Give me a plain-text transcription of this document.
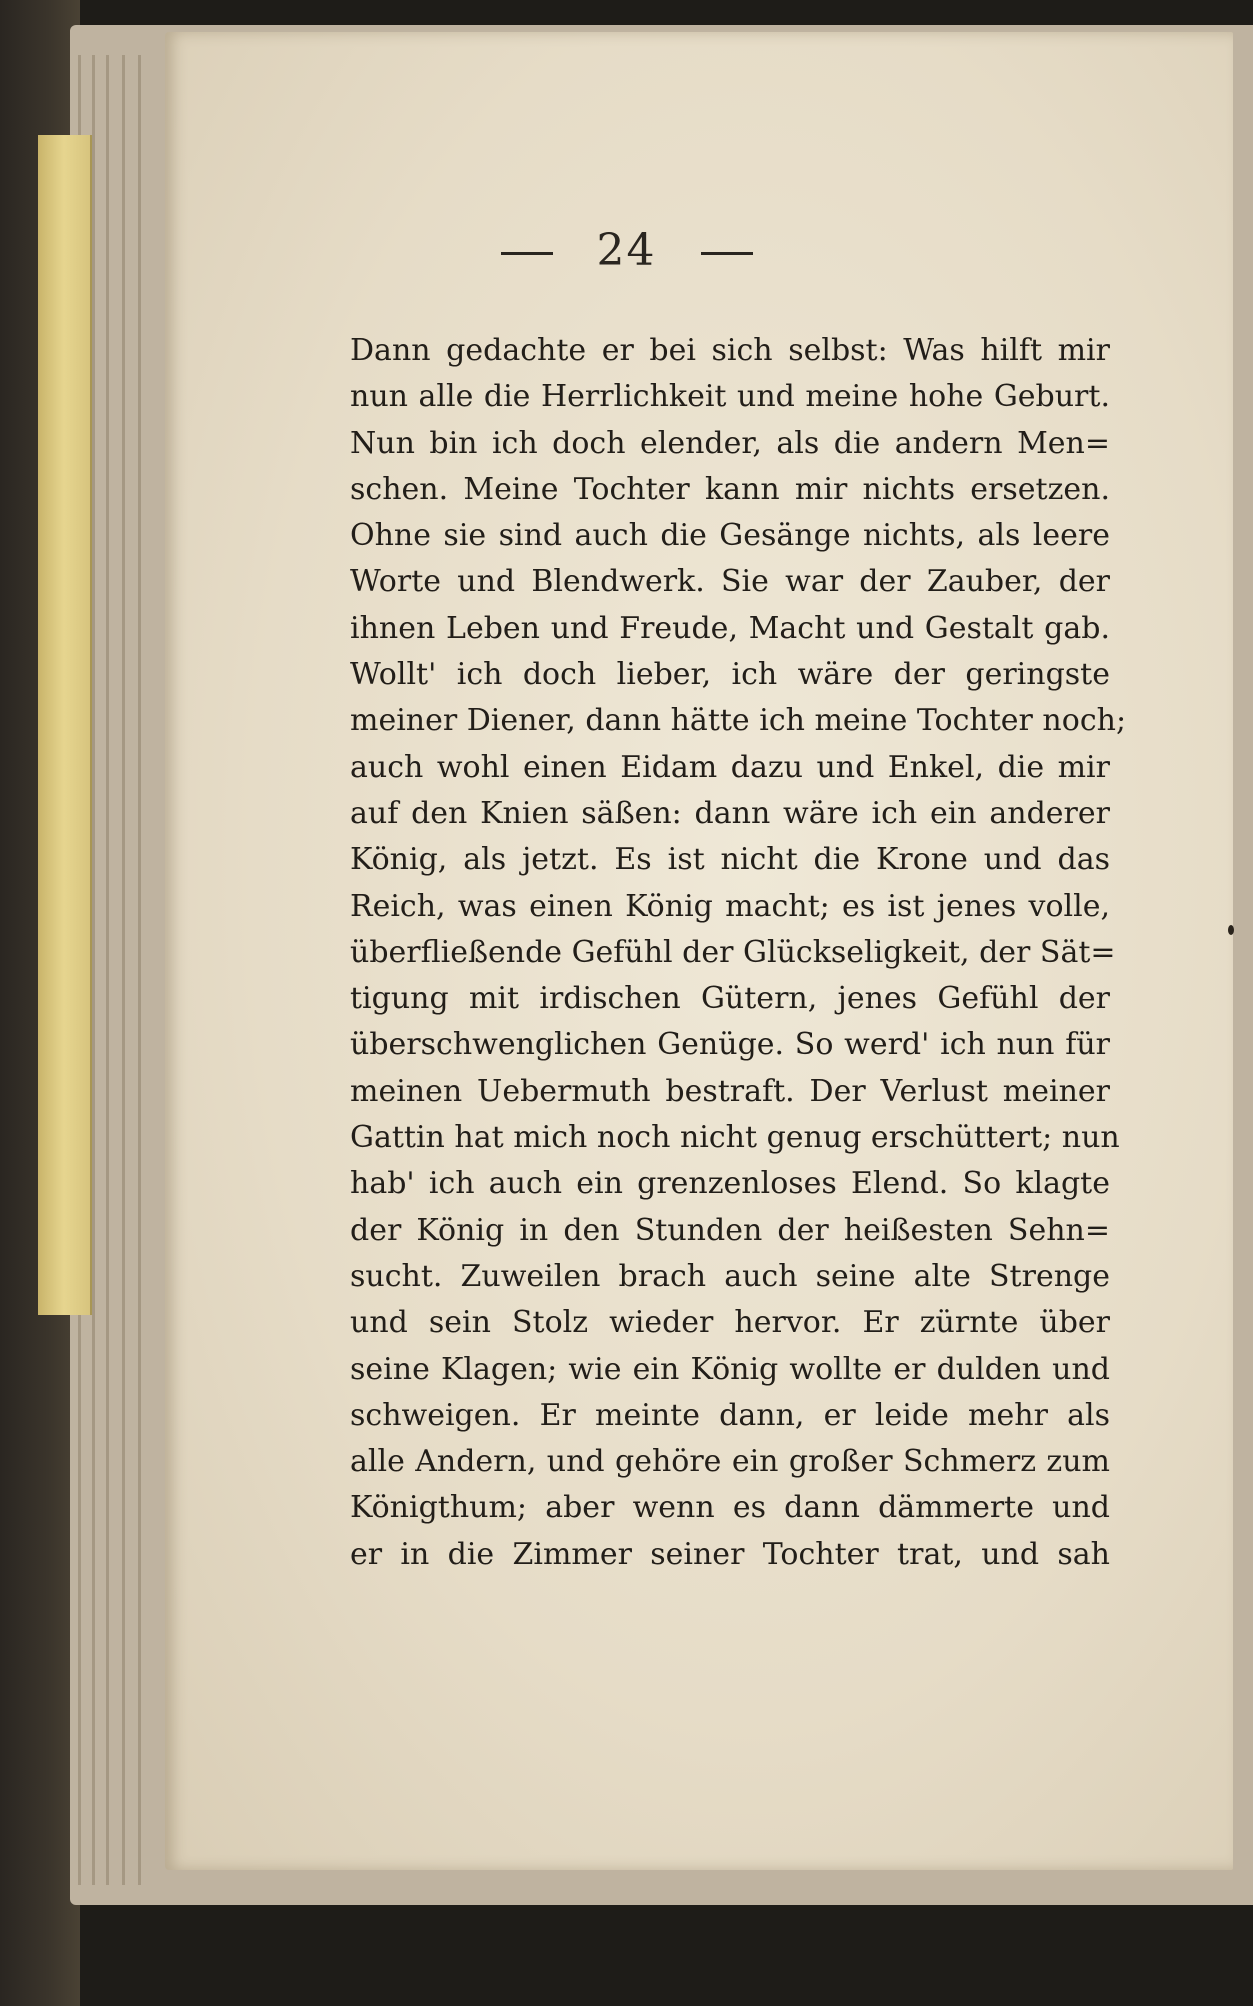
24
Dann gedachte er bei sich selbst: Was hilft mir
nun alle die Herrlichkeit und meine hohe Geburt.
Nun bin ich doch elender, als die andern Men=
schen. Meine Tochter kann mir nichts ersetzen.
Ohne sie sind auch die Gesänge nichts, als leere
Worte und Blendwerk. Sie war der Zauber, der
ihnen Leben und Freude, Macht und Gestalt gab.
Wollt' ich doch lieber, ich wäre der geringste
meiner Diener, dann hätte ich meine Tochter noch;
auch wohl einen Eidam dazu und Enkel, die mir
auf den Knien säßen: dann wäre ich ein anderer
König, als jetzt. Es ist nicht die Krone und das
Reich, was einen König macht; es ist jenes volle,
überfließende Gefühl der Glückseligkeit, der Sät=
tigung mit irdischen Gütern, jenes Gefühl der
überschwenglichen Genüge. So werd' ich nun für
meinen Uebermuth bestraft. Der Verlust meiner
Gattin hat mich noch nicht genug erschüttert; nun
hab' ich auch ein grenzenloses Elend. So klagte
der König in den Stunden der heißesten Sehn=
sucht. Zuweilen brach auch seine alte Strenge
und sein Stolz wieder hervor. Er zürnte über
seine Klagen; wie ein König wollte er dulden und
schweigen. Er meinte dann, er leide mehr als
alle Andern, und gehöre ein großer Schmerz zum
Königthum; aber wenn es dann dämmerte und
er in die Zimmer seiner Tochter trat, und sah
